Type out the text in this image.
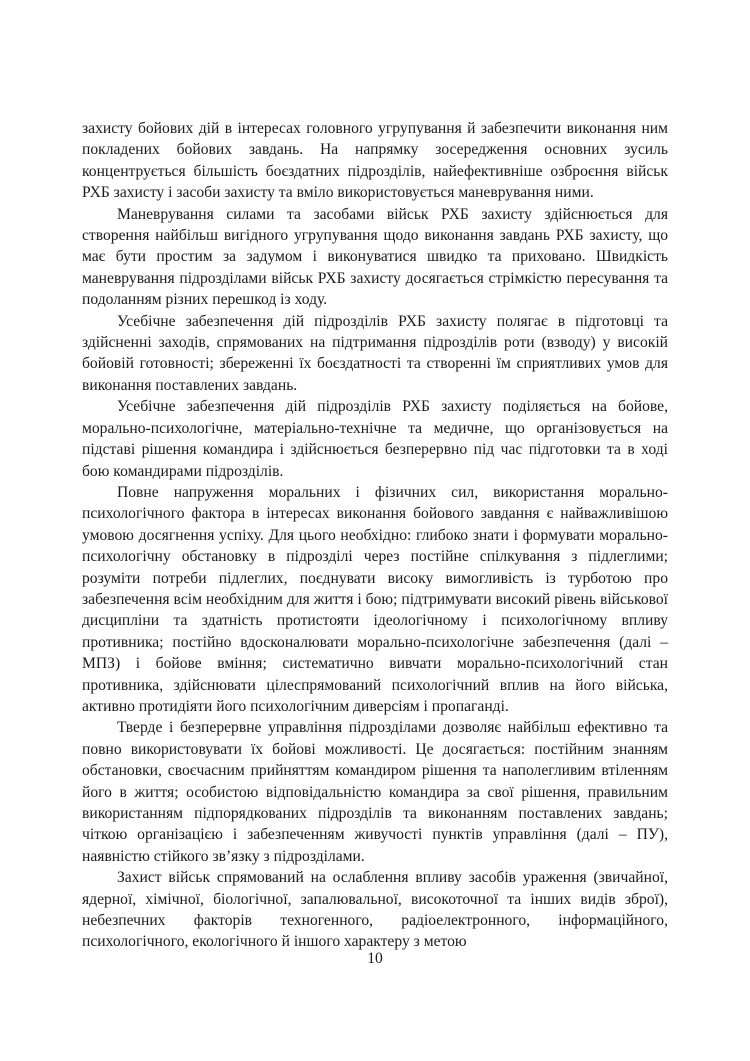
захисту бойових дій в інтересах головного угрупування й забезпечити виконання ним покладених бойових завдань. На напрямку зосередження основних зусиль концентрується більшість боєздатних підрозділів, найефективніше озброєння військ РХБ захисту і засоби захисту та вміло використовується маневрування ними.

Маневрування силами та засобами військ РХБ захисту здійснюється для створення найбільш вигідного угрупування щодо виконання завдань РХБ захисту, що має бути простим за задумом і виконуватися швидко та приховано. Швидкість маневрування підрозділами військ РХБ захисту досягається стрімкістю пересування та подоланням різних перешкод із ходу.

Усебічне забезпечення дій підрозділів РХБ захисту полягає в підготовці та здійсненні заходів, спрямованих на підтримання підрозділів роти (взводу) у високій бойовій готовності; збереженні їх боєздатності та створенні їм сприятливих умов для виконання поставлених завдань.

Усебічне забезпечення дій підрозділів РХБ захисту поділяється на бойове, морально-психологічне, матеріально-технічне та медичне, що організовується на підставі рішення командира і здійснюється безперервно під час підготовки та в ході бою командирами підрозділів.

Повне напруження моральних і фізичних сил, використання морально-психологічного фактора в інтересах виконання бойового завдання є найважливішою умовою досягнення успіху. Для цього необхідно: глибоко знати і формувати морально-психологічну обстановку в підрозділі через постійне спілкування з підлеглими; розуміти потреби підлеглих, поєднувати високу вимогливість із турботою про забезпечення всім необхідним для життя і бою; підтримувати високий рівень військової дисципліни та здатність протистояти ідеологічному і психологічному впливу противника; постійно вдосконалювати морально-психологічне забезпечення (далі – МПЗ) і бойове вміння; систематично вивчати морально-психологічний стан противника, здійснювати цілеспрямований психологічний вплив на його війська, активно протидіяти його психологічним диверсіям і пропаганді.

Тверде і безперервне управління підрозділами дозволяє найбільш ефективно та повно використовувати їх бойові можливості. Це досягається: постійним знанням обстановки, своєчасним прийняттям командиром рішення та наполегливим втіленням його в життя; особистою відповідальністю командира за свої рішення, правильним використанням підпорядкованих підрозділів та виконанням поставлених завдань; чіткою організацією і забезпеченням живучості пунктів управління (далі – ПУ), наявністю стійкого зв’язку з підрозділами.

Захист військ спрямований на ослаблення впливу засобів ураження (звичайної, ядерної, хімічної, біологічної, запалювальної, високоточної та інших видів зброї), небезпечних факторів техногенного, радіоелектронного, інформаційного, психологічного, екологічного й іншого характеру з метою

10
